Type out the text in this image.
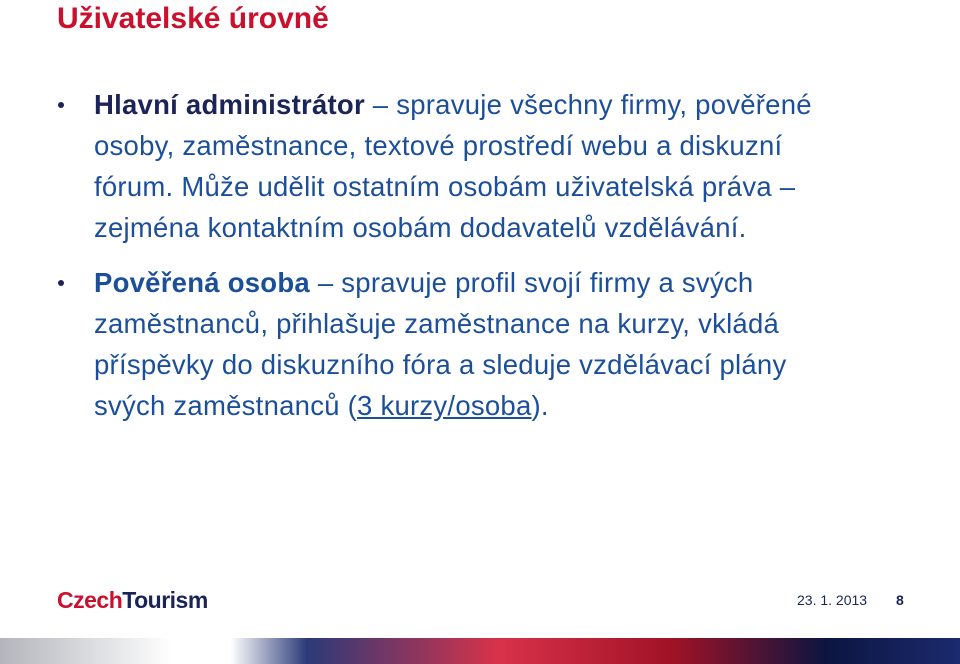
Uživatelské úrovně
Hlavní administrátor – spravuje všechny firmy, pověřené osoby, zaměstnance, textové prostředí webu a diskuzní fórum. Může udělit ostatním osobám uživatelská práva – zejména kontaktním osobám dodavatelů vzdělávání.
Pověřená osoba – spravuje profil svojí firmy a svých zaměstnanců, přihlašuje zaměstnance na kurzy, vkládá příspěvky do diskuzního fóra a sleduje vzdělávací plány svých zaměstnanců (3 kurzy/osoba).
CzechTourism	23. 1. 2013 8
